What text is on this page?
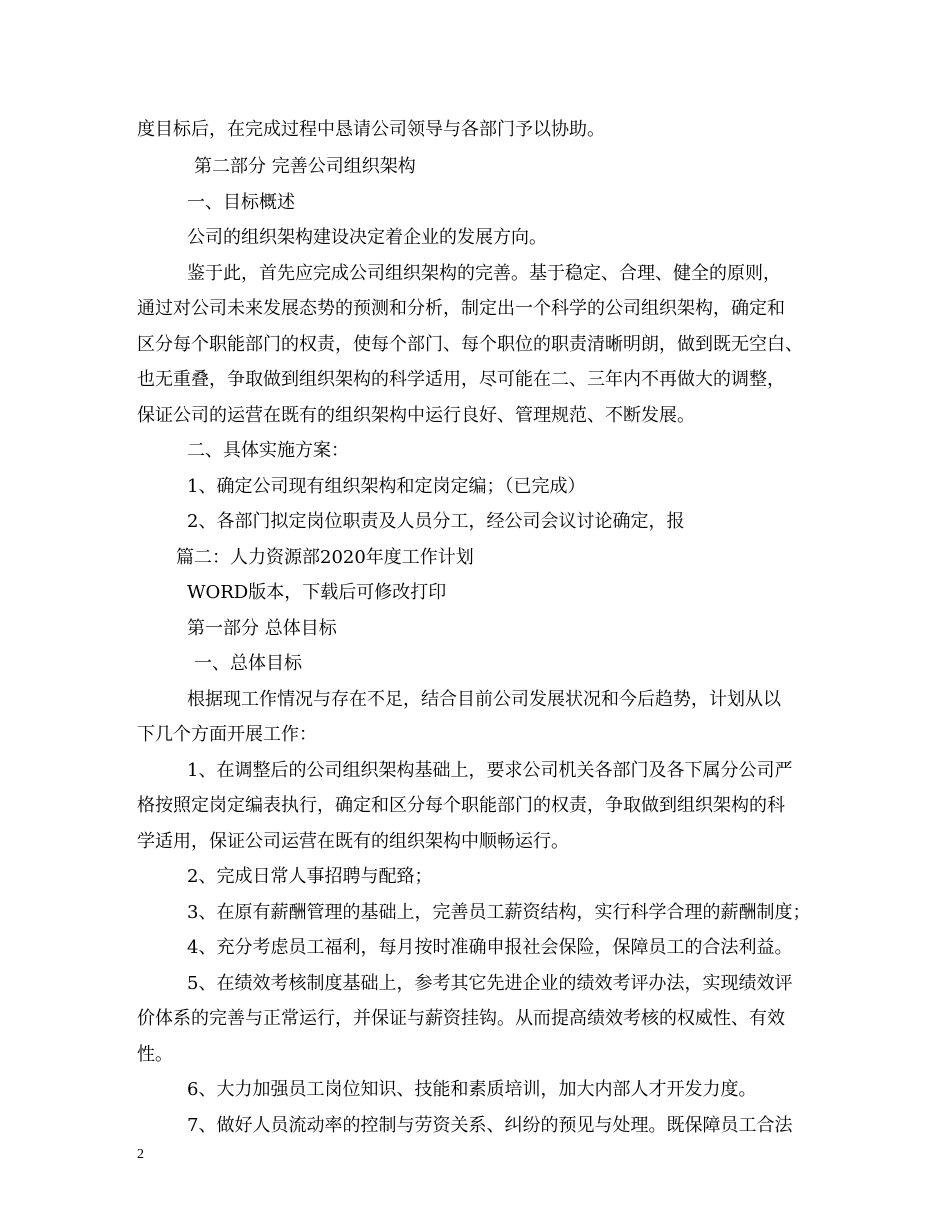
度目标后，在完成过程中恳请公司领导与各部门予以协助。

第二部分 完善公司组织架构

一、目标概述

公司的组织架构建设决定着企业的发展方向。

鉴于此，首先应完成公司组织架构的完善。基于稳定、合理、健全的原则，

通过对公司未来发展态势的预测和分析，制定出一个科学的公司组织架构，确定和

区分每个职能部门的权责，使每个部门、每个职位的职责清晰明朗，做到既无空白、

也无重叠，争取做到组织架构的科学适用，尽可能在二、三年内不再做大的调整，

保证公司的运营在既有的组织架构中运行良好、管理规范、不断发展。

二、具体实施方案：

1、确定公司现有组织架构和定岗定编；（已完成）

2、各部门拟定岗位职责及人员分工，经公司会议讨论确定，报

篇二：人力资源部2020年度工作计划

WORD版本，下载后可修改打印

第一部分 总体目标

一、总体目标

根据现工作情况与存在不足，结合目前公司发展状况和今后趋势，计划从以

下几个方面开展工作：

1、在调整后的公司组织架构基础上，要求公司机关各部门及各下属分公司严

格按照定岗定编表执行，确定和区分每个职能部门的权责，争取做到组织架构的科

学适用，保证公司运营在既有的组织架构中顺畅运行。

2、完成日常人事招聘与配臵；

3、在原有薪酬管理的基础上，完善员工薪资结构，实行科学合理的薪酬制度；

4、充分考虑员工福利，每月按时准确申报社会保险，保障员工的合法利益。

5、在绩效考核制度基础上，参考其它先进企业的绩效考评办法，实现绩效评

价体系的完善与正常运行，并保证与薪资挂钩。从而提高绩效考核的权威性、有效

性。

6、大力加强员工岗位知识、技能和素质培训，加大内部人才开发力度。

7、做好人员流动率的控制与劳资关系、纠纷的预见与处理。既保障员工合法

2
